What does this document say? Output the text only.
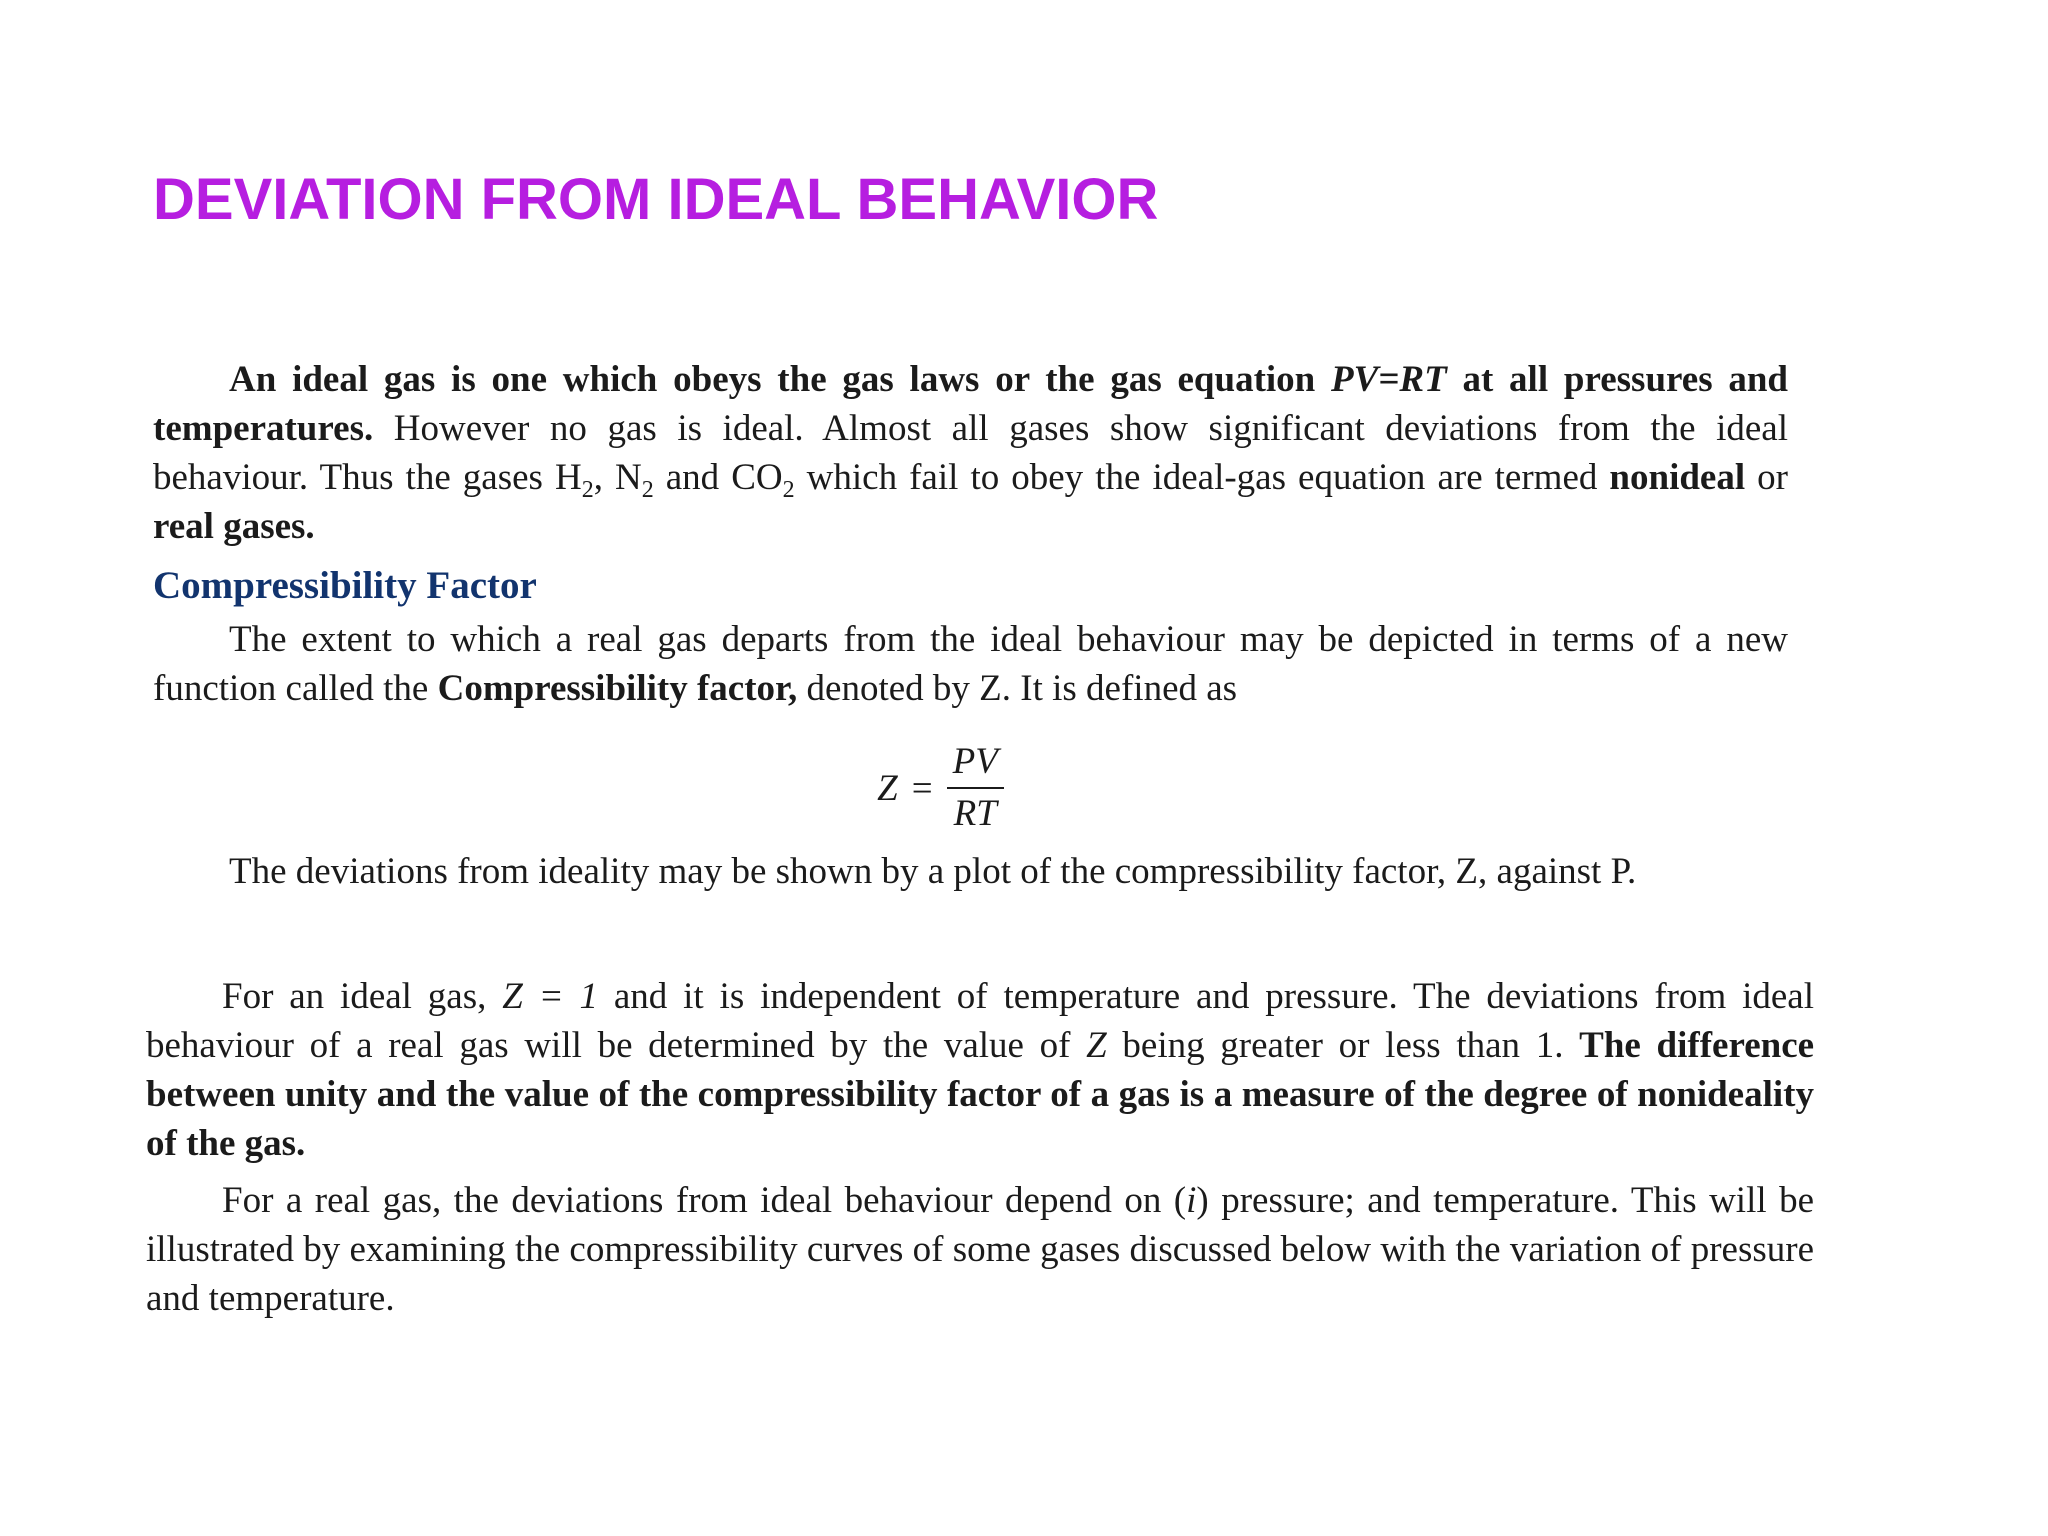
DEVIATION FROM IDEAL BEHAVIOR

An ideal gas is one which obeys the gas laws or the gas equation PV=RT at all pressures and temperatures. However no gas is ideal. Almost all gases show significant deviations from the ideal behaviour. Thus the gases $H_2$, $N_2$ and $CO_2$ which fail to obey the ideal-gas equation are termed nonideal or real gases.

Compressibility Factor

The extent to which a real gas departs from the ideal behaviour may be depicted in terms of a new function called the Compressibility factor, denoted by Z. It is defined as

$Z = \frac{PV}{RT}$

The deviations from ideality may be shown by a plot of the compressibility factor, Z, against P.

For an ideal gas, Z = 1 and it is independent of temperature and pressure. The deviations from ideal behaviour of a real gas will be determined by the value of Z being greater or less than 1. The difference between unity and the value of the compressibility factor of a gas is a measure of the degree of nonideality of the gas.

For a real gas, the deviations from ideal behaviour depend on (i) pressure; and temperature. This will be illustrated by examining the compressibility curves of some gases discussed below with the variation of pressure and temperature.
